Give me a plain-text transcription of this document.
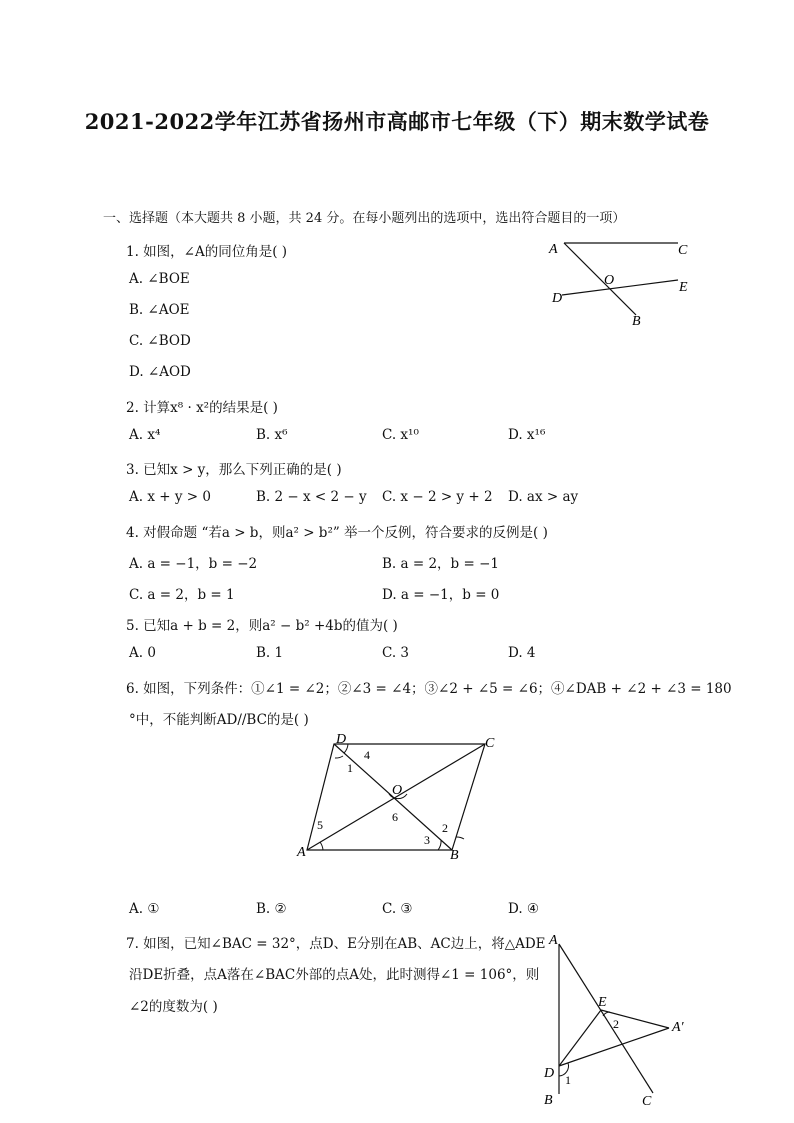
2021-2022学年江苏省扬州市高邮市七年级（下）期末数学试卷
一、选择题（本大题共 8 小题，共 24 分。在每小题列出的选项中，选出符合题目的一项）
1. 如图，∠A的同位角是( )
A. ∠BOE
B. ∠AOE
C. ∠BOD
D. ∠AOD
A	C
O	E
D
B
2. 计算x⁸ · x²的结果是( )
A. x⁴	B. x⁶	C. x¹⁰	D. x¹⁶
3. 已知x > y，那么下列正确的是( )
A. x + y > 0	B. 2 − x < 2 − y C. x − 2 > y + 2 D. ax > ay
4. 对假命题 “若a > b，则a² > b²” 举一个反例，符合要求的反例是( )
A. a = −1，b = −2	B. a = 2，b = −1
C. a = 2，b = 1	D. a = −1，b = 0
5. 已知a + b = 2，则a² − b² +4b的值为( )
A. 0	B. 1	C. 3	D. 4
6. 如图，下列条件：①∠1 = ∠2；②∠3 = ∠4；③∠2 + ∠5 = ∠6；④∠DAB + ∠2 + ∠3 = 180
°中，不能判断AD//BC的是( )
D	C
4
1
O
6
5	2
3
A	B
A. ①	B. ②	C. ③	D. ④
7. 如图，已知∠BAC = 32°，点D、E分别在AB、AC边上，将△ADE
沿DE折叠，点A落在∠BAC外部的点A处，此时测得∠1 = 106°，则
∠2的度数为( )
A
E
2	A′
D 1
B	C
